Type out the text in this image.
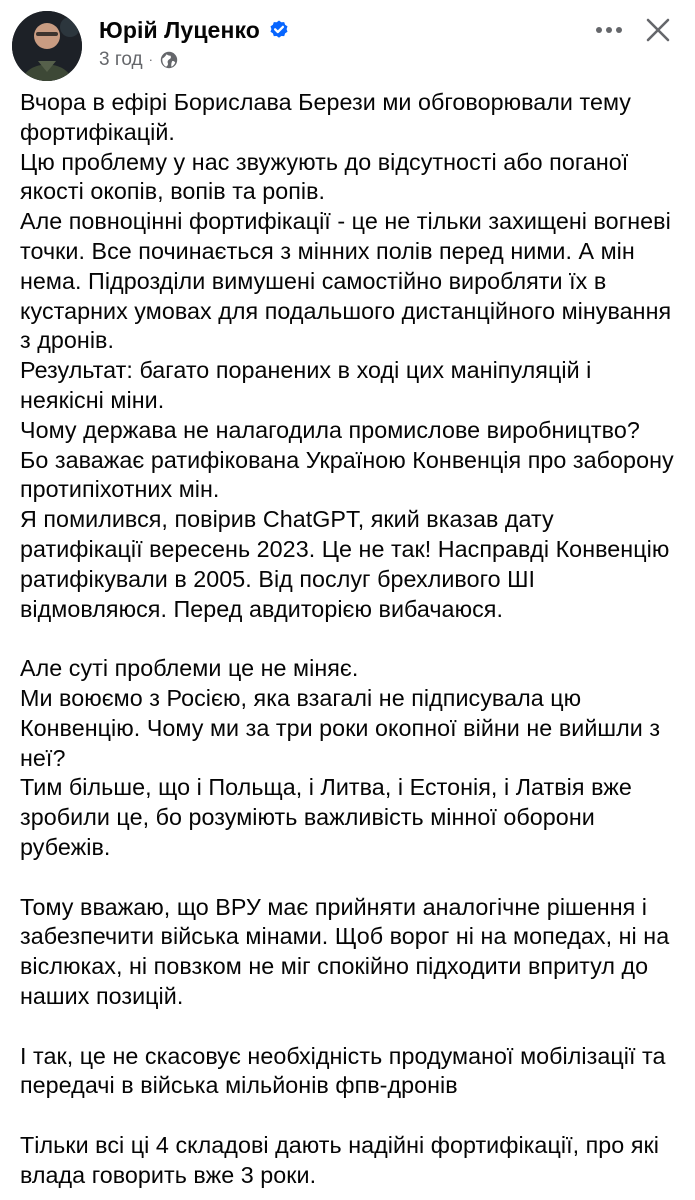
Юрій Луценко
3 год ·

Вчора в ефірі Бориcлава Берези ми обговорювали тему фортифікацій.
Цю проблему у нас звужують до відсутності або поганої якості окопів, вопів та ропів.
Але повноцінні фортифікації - це не тільки захищені вогневі точки. Все починається з мінних полів перед ними. А мін нема. Підрозділи вимушені самостійно виробляти їх в кустарних умовах для подальшого дистанційного мінування з дронів.
Результат: багато поранених в ході цих маніпуляцій і неякісні міни.
Чому держава не налагодила промислове виробництво?
Бо заважає ратифікована Україною Конвенція про заборону протипіхотних мін.
Я помилився, повірив ChatGPT, який вказав дату ратифікації вересень 2023. Це не так! Насправді Конвенцію ратифікували в 2005. Від послуг брехливого ШІ відмовляюся. Перед авдиторією вибачаюся.

Але суті проблеми це не міняє.
Ми воюємо з Росією, яка взагалі не підписувала цю Конвенцію. Чому ми за три роки окопної війни не вийшли з неї?
Тим більше, що і Польща, і Литва, і Естонія, і Латвія вже зробили це, бо розуміють важливість мінної оборони рубежів.

Тому вважаю, що ВРУ має прийняти аналогічне рішення і забезпечити війська мінами. Щоб ворог ні на мопедах, ні на віслюках, ні повзком не міг спокійно підходити впритул до наших позицій.

І так, це не скасовує необхідність продуманої мобілізації та передачі в війська мільйонів фпв-дронів

Тільки всі ці 4 складові дають надійні фортифікації, про які влада говорить вже 3 роки.
